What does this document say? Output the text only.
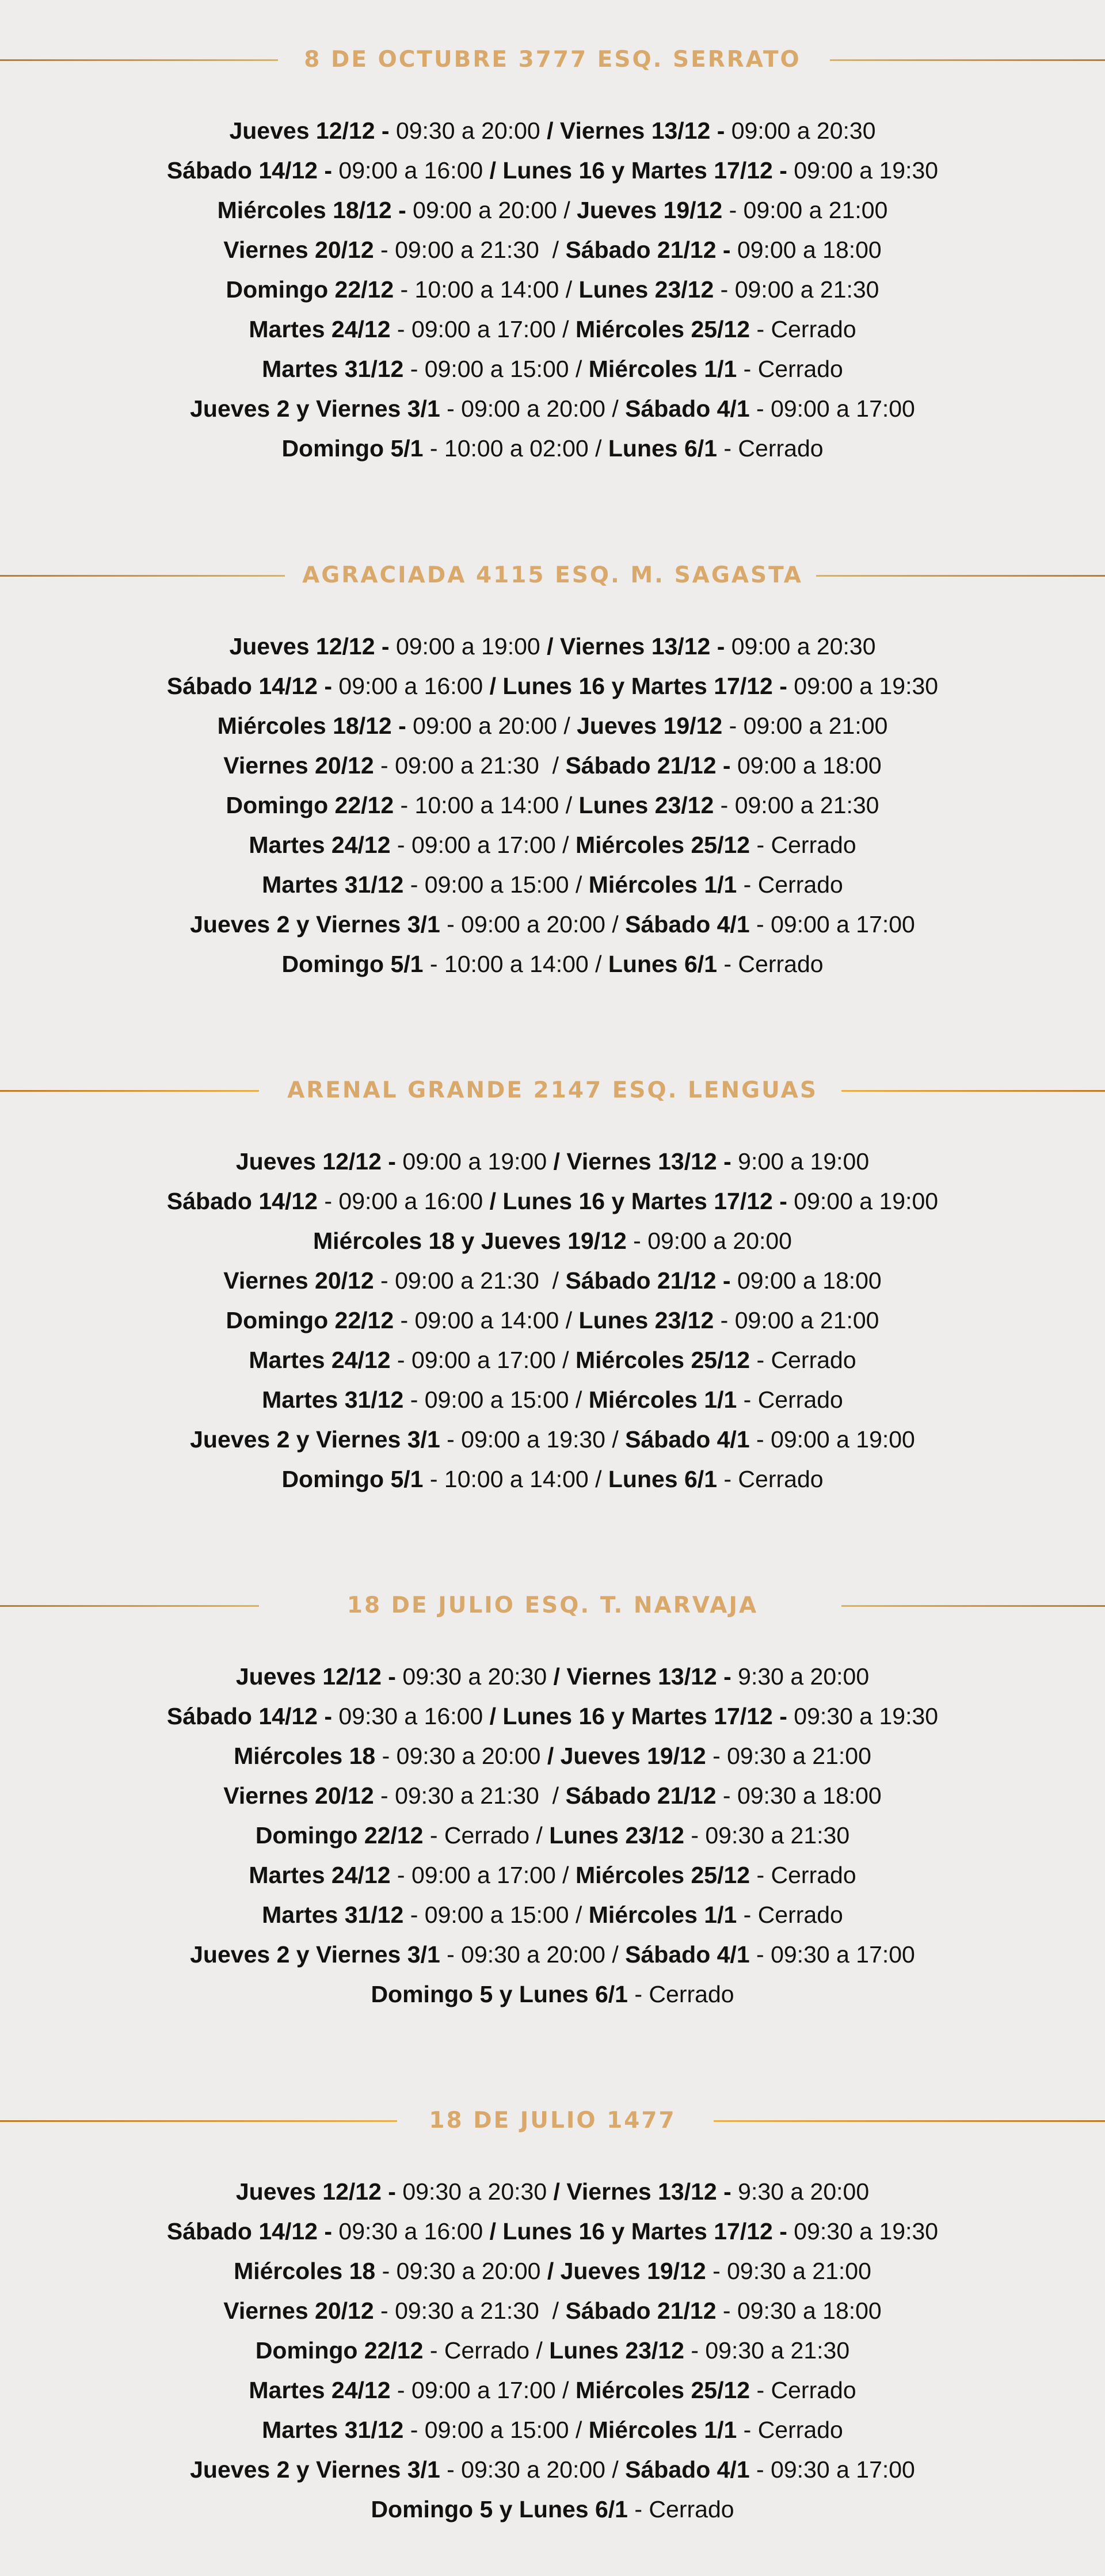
8 DE OCTUBRE 3777 ESQ. SERRATO
Jueves 12/12 - 09:30 a 20:00 / Viernes 13/12 - 09:00 a 20:30
Sábado 14/12 - 09:00 a 16:00 / Lunes 16 y Martes 17/12 - 09:00 a 19:30
Miércoles 18/12 - 09:00 a 20:00 / Jueves 19/12 - 09:00 a 21:00
Viernes 20/12 - 09:00 a 21:30  / Sábado 21/12 - 09:00 a 18:00
Domingo 22/12 - 10:00 a 14:00 / Lunes 23/12 - 09:00 a 21:30
Martes 24/12 - 09:00 a 17:00 / Miércoles 25/12 - Cerrado
Martes 31/12 - 09:00 a 15:00 / Miércoles 1/1 - Cerrado
Jueves 2 y Viernes 3/1 - 09:00 a 20:00 / Sábado 4/1 - 09:00 a 17:00
Domingo 5/1 - 10:00 a 02:00 / Lunes 6/1 - Cerrado
AGRACIADA 4115 ESQ. M. SAGASTA
Jueves 12/12 - 09:00 a 19:00 / Viernes 13/12 - 09:00 a 20:30
Sábado 14/12 - 09:00 a 16:00 / Lunes 16 y Martes 17/12 - 09:00 a 19:30
Miércoles 18/12 - 09:00 a 20:00 / Jueves 19/12 - 09:00 a 21:00
Viernes 20/12 - 09:00 a 21:30  / Sábado 21/12 - 09:00 a 18:00
Domingo 22/12 - 10:00 a 14:00 / Lunes 23/12 - 09:00 a 21:30
Martes 24/12 - 09:00 a 17:00 / Miércoles 25/12 - Cerrado
Martes 31/12 - 09:00 a 15:00 / Miércoles 1/1 - Cerrado
Jueves 2 y Viernes 3/1 - 09:00 a 20:00 / Sábado 4/1 - 09:00 a 17:00
Domingo 5/1 - 10:00 a 14:00 / Lunes 6/1 - Cerrado
ARENAL GRANDE 2147 ESQ. LENGUAS
Jueves 12/12 - 09:00 a 19:00 / Viernes 13/12 - 9:00 a 19:00
Sábado 14/12 - 09:00 a 16:00 / Lunes 16 y Martes 17/12 - 09:00 a 19:00
Miércoles 18 y Jueves 19/12 - 09:00 a 20:00
Viernes 20/12 - 09:00 a 21:30  / Sábado 21/12 - 09:00 a 18:00
Domingo 22/12 - 09:00 a 14:00 / Lunes 23/12 - 09:00 a 21:00
Martes 24/12 - 09:00 a 17:00 / Miércoles 25/12 - Cerrado
Martes 31/12 - 09:00 a 15:00 / Miércoles 1/1 - Cerrado
Jueves 2 y Viernes 3/1 - 09:00 a 19:30 / Sábado 4/1 - 09:00 a 19:00
Domingo 5/1 - 10:00 a 14:00 / Lunes 6/1 - Cerrado
18 DE JULIO ESQ. T. NARVAJA
Jueves 12/12 - 09:30 a 20:30 / Viernes 13/12 - 9:30 a 20:00
Sábado 14/12 - 09:30 a 16:00 / Lunes 16 y Martes 17/12 - 09:30 a 19:30
Miércoles 18 - 09:30 a 20:00 / Jueves 19/12 - 09:30 a 21:00
Viernes 20/12 - 09:30 a 21:30  / Sábado 21/12 - 09:30 a 18:00
Domingo 22/12 - Cerrado / Lunes 23/12 - 09:30 a 21:30
Martes 24/12 - 09:00 a 17:00 / Miércoles 25/12 - Cerrado
Martes 31/12 - 09:00 a 15:00 / Miércoles 1/1 - Cerrado
Jueves 2 y Viernes 3/1 - 09:30 a 20:00 / Sábado 4/1 - 09:30 a 17:00
Domingo 5 y Lunes 6/1 - Cerrado
18 DE JULIO 1477
Jueves 12/12 - 09:30 a 20:30 / Viernes 13/12 - 9:30 a 20:00
Sábado 14/12 - 09:30 a 16:00 / Lunes 16 y Martes 17/12 - 09:30 a 19:30
Miércoles 18 - 09:30 a 20:00 / Jueves 19/12 - 09:30 a 21:00
Viernes 20/12 - 09:30 a 21:30  / Sábado 21/12 - 09:30 a 18:00
Domingo 22/12 - Cerrado / Lunes 23/12 - 09:30 a 21:30
Martes 24/12 - 09:00 a 17:00 / Miércoles 25/12 - Cerrado
Martes 31/12 - 09:00 a 15:00 / Miércoles 1/1 - Cerrado
Jueves 2 y Viernes 3/1 - 09:30 a 20:00 / Sábado 4/1 - 09:30 a 17:00
Domingo 5 y Lunes 6/1 - Cerrado
